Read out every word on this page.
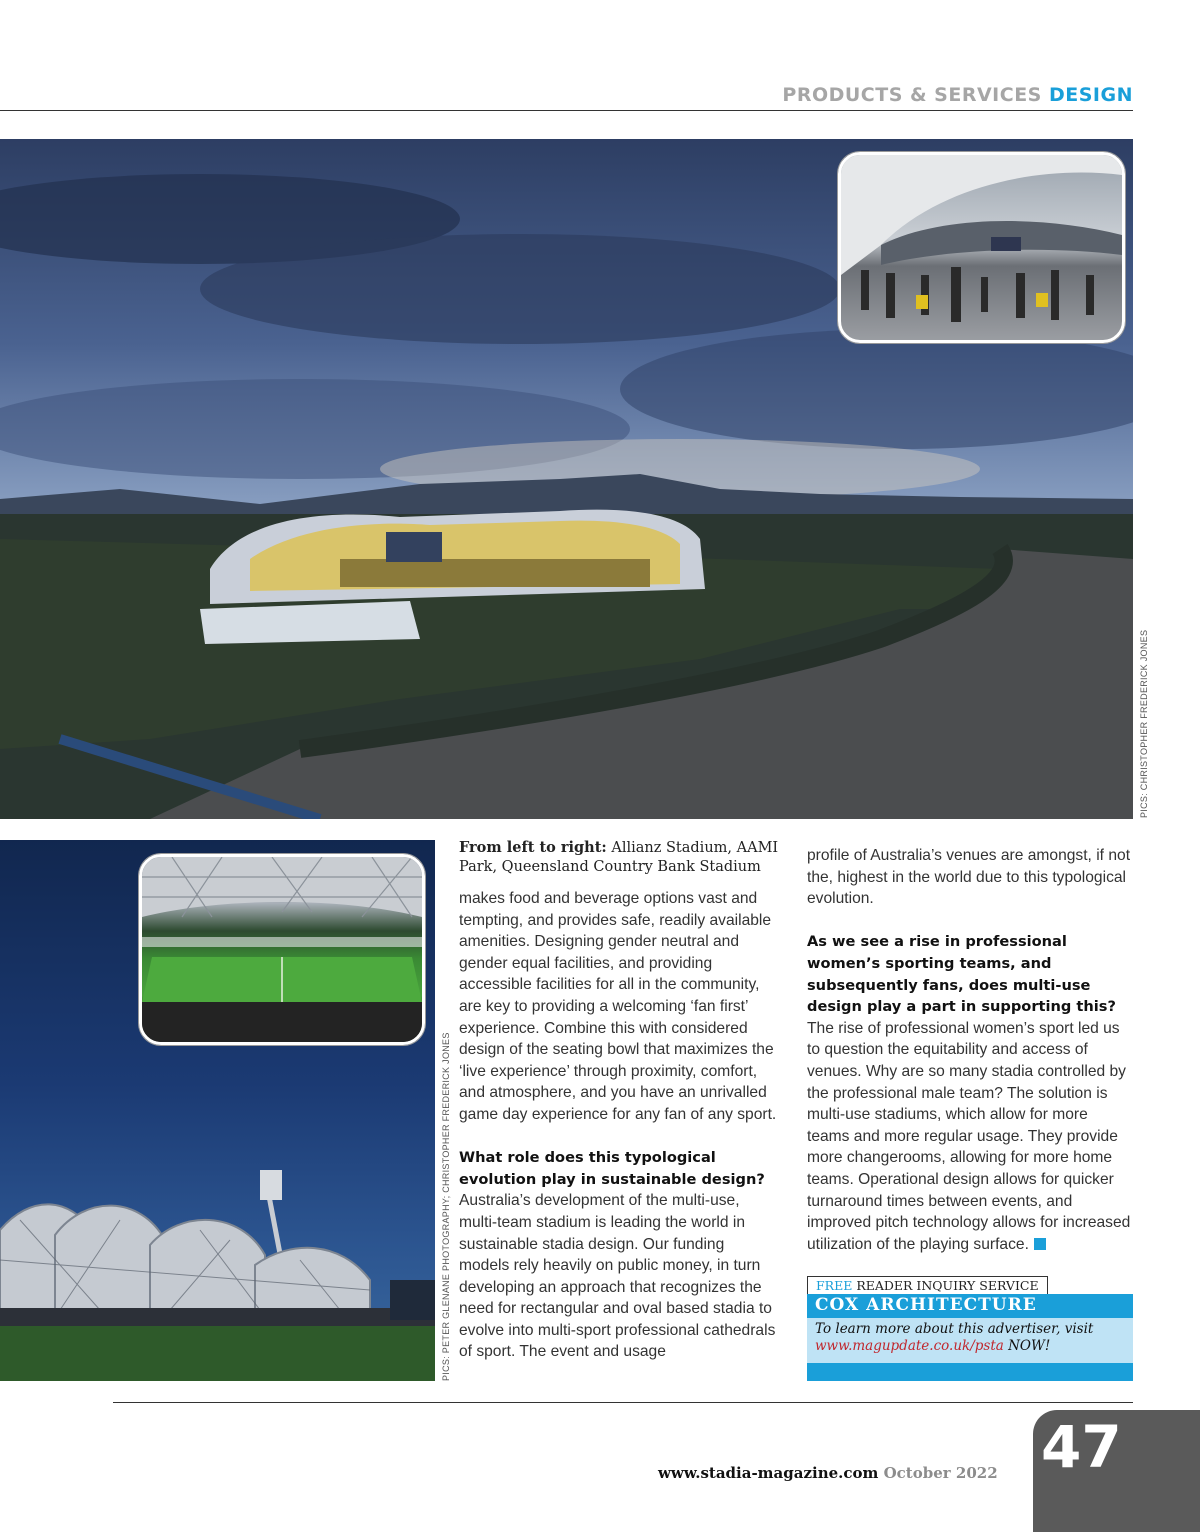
PRODUCTS & SERVICES DESIGN
PICS: CHRISTOPHER FREDERICK JONES
PICS: PETER GLENANE PHOTOGRAPHY; CHRISTOPHER FREDERICK JONES
From left to right: Allianz Stadium, AAMI Park, Queensland Country Bank Stadium

makes food and beverage options vast and tempting, and provides safe, readily available amenities. Designing gender neutral and gender equal facilities, and providing accessible facilities for all in the community, are key to providing a welcoming ‘fan first’ experience. Combine this with considered design of the seating bowl that maximizes the ‘live experience’ through proximity, comfort, and atmosphere, and you have an unrivalled game day experience for any fan of any sport.

What role does this typological evolution play in sustainable design?

Australia’s development of the multi-use, multi-team stadium is leading the world in sustainable stadia design. Our funding models rely heavily on public money, in turn developing an approach that recognizes the need for rectangular and oval based stadia to evolve into multi-sport professional cathedrals of sport. The event and usage

profile of Australia’s venues are amongst, if not the, highest in the world due to this typological evolution.

As we see a rise in professional women’s sporting teams, and subsequently fans, does multi-use design play a part in supporting this?

The rise of professional women’s sport led us to question the equitability and access of venues. Why are so many stadia controlled by the professional male team? The solution is multi-use stadiums, which allow for more teams and more regular usage. They provide more changerooms, allowing for more home teams. Operational design allows for quicker turnaround times between events, and improved pitch technology allows for increased utilization of the playing surface.

FREE READER INQUIRY SERVICE
COX ARCHITECTURE
To learn more about this advertiser, visit www.magupdate.co.uk/psta NOW!
www.stadia-magazine.com October 2022 47
